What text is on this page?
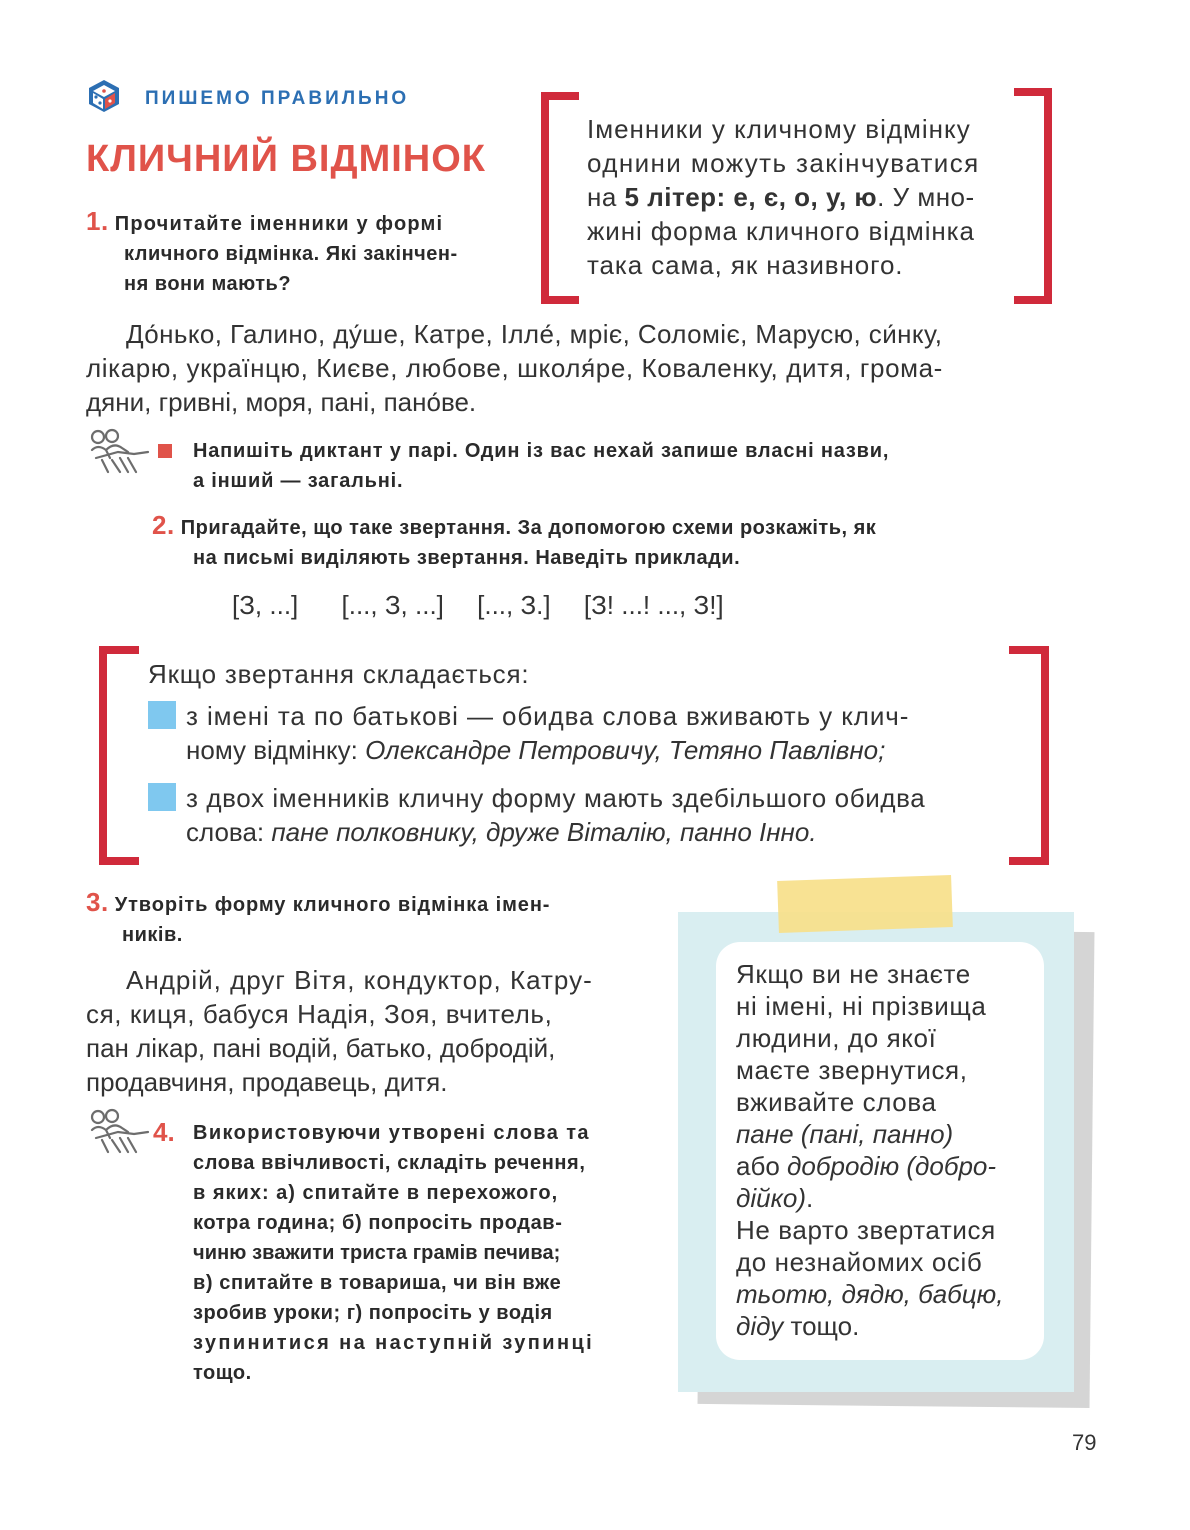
ПИШЕМО ПРАВИЛЬНО
КЛИЧНИЙ ВІДМІНОК
1. Прочитайте іменники у формі
кличного відмінка. Які закінчен-
ня вони мають?
Іменники у кличному відмінку
однини можуть закінчуватися
на 5 літер: е, є, о, у, ю. У мно-
жині форма кличного відмінка
така сама, як називного.
До́нько, Галино, ду́ше, Катре, Ілле́, мріє, Соломіє, Марусю, си́нку,
лікарю, українцю, Києве, любове, школя́ре, Коваленку, дитя, грома-
дяни, гривні, моря, пані, пано́ве.
Напишіть диктант у парі. Один із вас нехай запише власні назви,
а інший — загальні.
2. Пригадайте, що таке звертання. За допомогою схеми розкажіть, як
на письмі виділяють звертання. Наведіть приклади.
[З, ...] [..., З, ...] [..., З.] [З! ...! ..., З!]
Якщо звертання складається:
з імені та по батькові — обидва слова вживають у клич-
ному відмінку: Олександре Петровичу, Тетяно Павлівно;
з двох іменників кличну форму мають здебільшого обидва
слова: пане полковнику, друже Віталію, панно Інно.
3. Утворіть форму кличного відмінка імен-
ників.
Андрій, друг Вітя, кондуктор, Катру-
ся, киця, бабуся Надія, Зоя, вчитель,
пан лікар, пані водій, батько, добродій,
продавчиня, продавець, дитя.
4. Використовуючи утворені слова та
слова ввічливості, складіть речення,
в яких: а) спитайте в перехожого,
котра година; б) попросіть продав-
чиню зважити триста грамів печива;
в) спитайте в товариша, чи він вже
зробив уроки; г) попросіть у водія
зупинитися на наступній зупинці
тощо.
Якщо ви не знаєте
ні імені, ні прізвища
людини, до якої
маєте звернутися,
вживайте слова
пане (пані, панно)
або добродію (добро-
дійко).
Не варто звертатися
до незнайомих осіб
тьотю, дядю, бабцю,
діду тощо.
79
